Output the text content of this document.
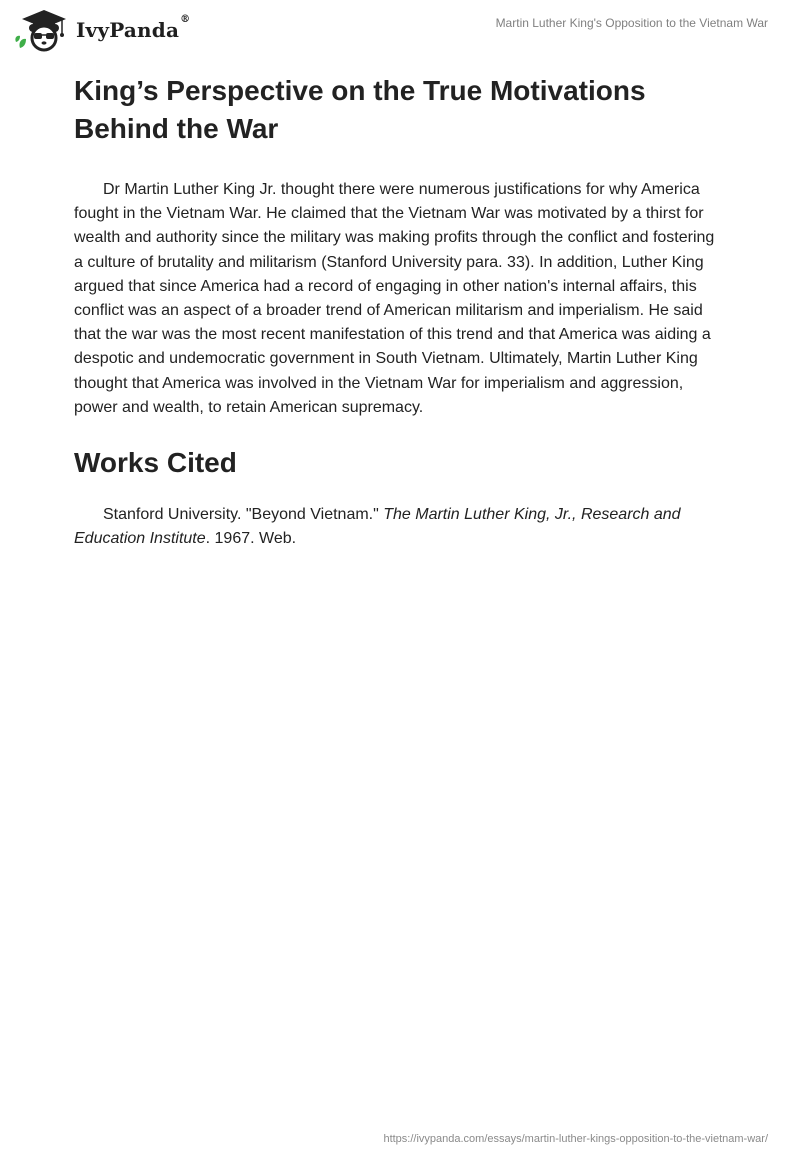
IvyPanda®	Martin Luther King's Opposition to the Vietnam War
King’s Perspective on the True Motivations Behind the War

Dr Martin Luther King Jr. thought there were numerous justifications for why America fought in the Vietnam War. He claimed that the Vietnam War was motivated by a thirst for wealth and authority since the military was making profits through the conflict and fostering a culture of brutality and militarism (Stanford University para. 33). In addition, Luther King argued that since America had a record of engaging in other nation's internal affairs, this conflict was an aspect of a broader trend of American militarism and imperialism. He said that the war was the most recent manifestation of this trend and that America was aiding a despotic and undemocratic government in South Vietnam. Ultimately, Martin Luther King thought that America was involved in the Vietnam War for imperialism and aggression, power and wealth, to retain American supremacy.

Works Cited

Stanford University. "Beyond Vietnam." The Martin Luther King, Jr., Research and Education Institute. 1967. Web.

https://ivypanda.com/essays/martin-luther-kings-opposition-to-the-vietnam-war/
